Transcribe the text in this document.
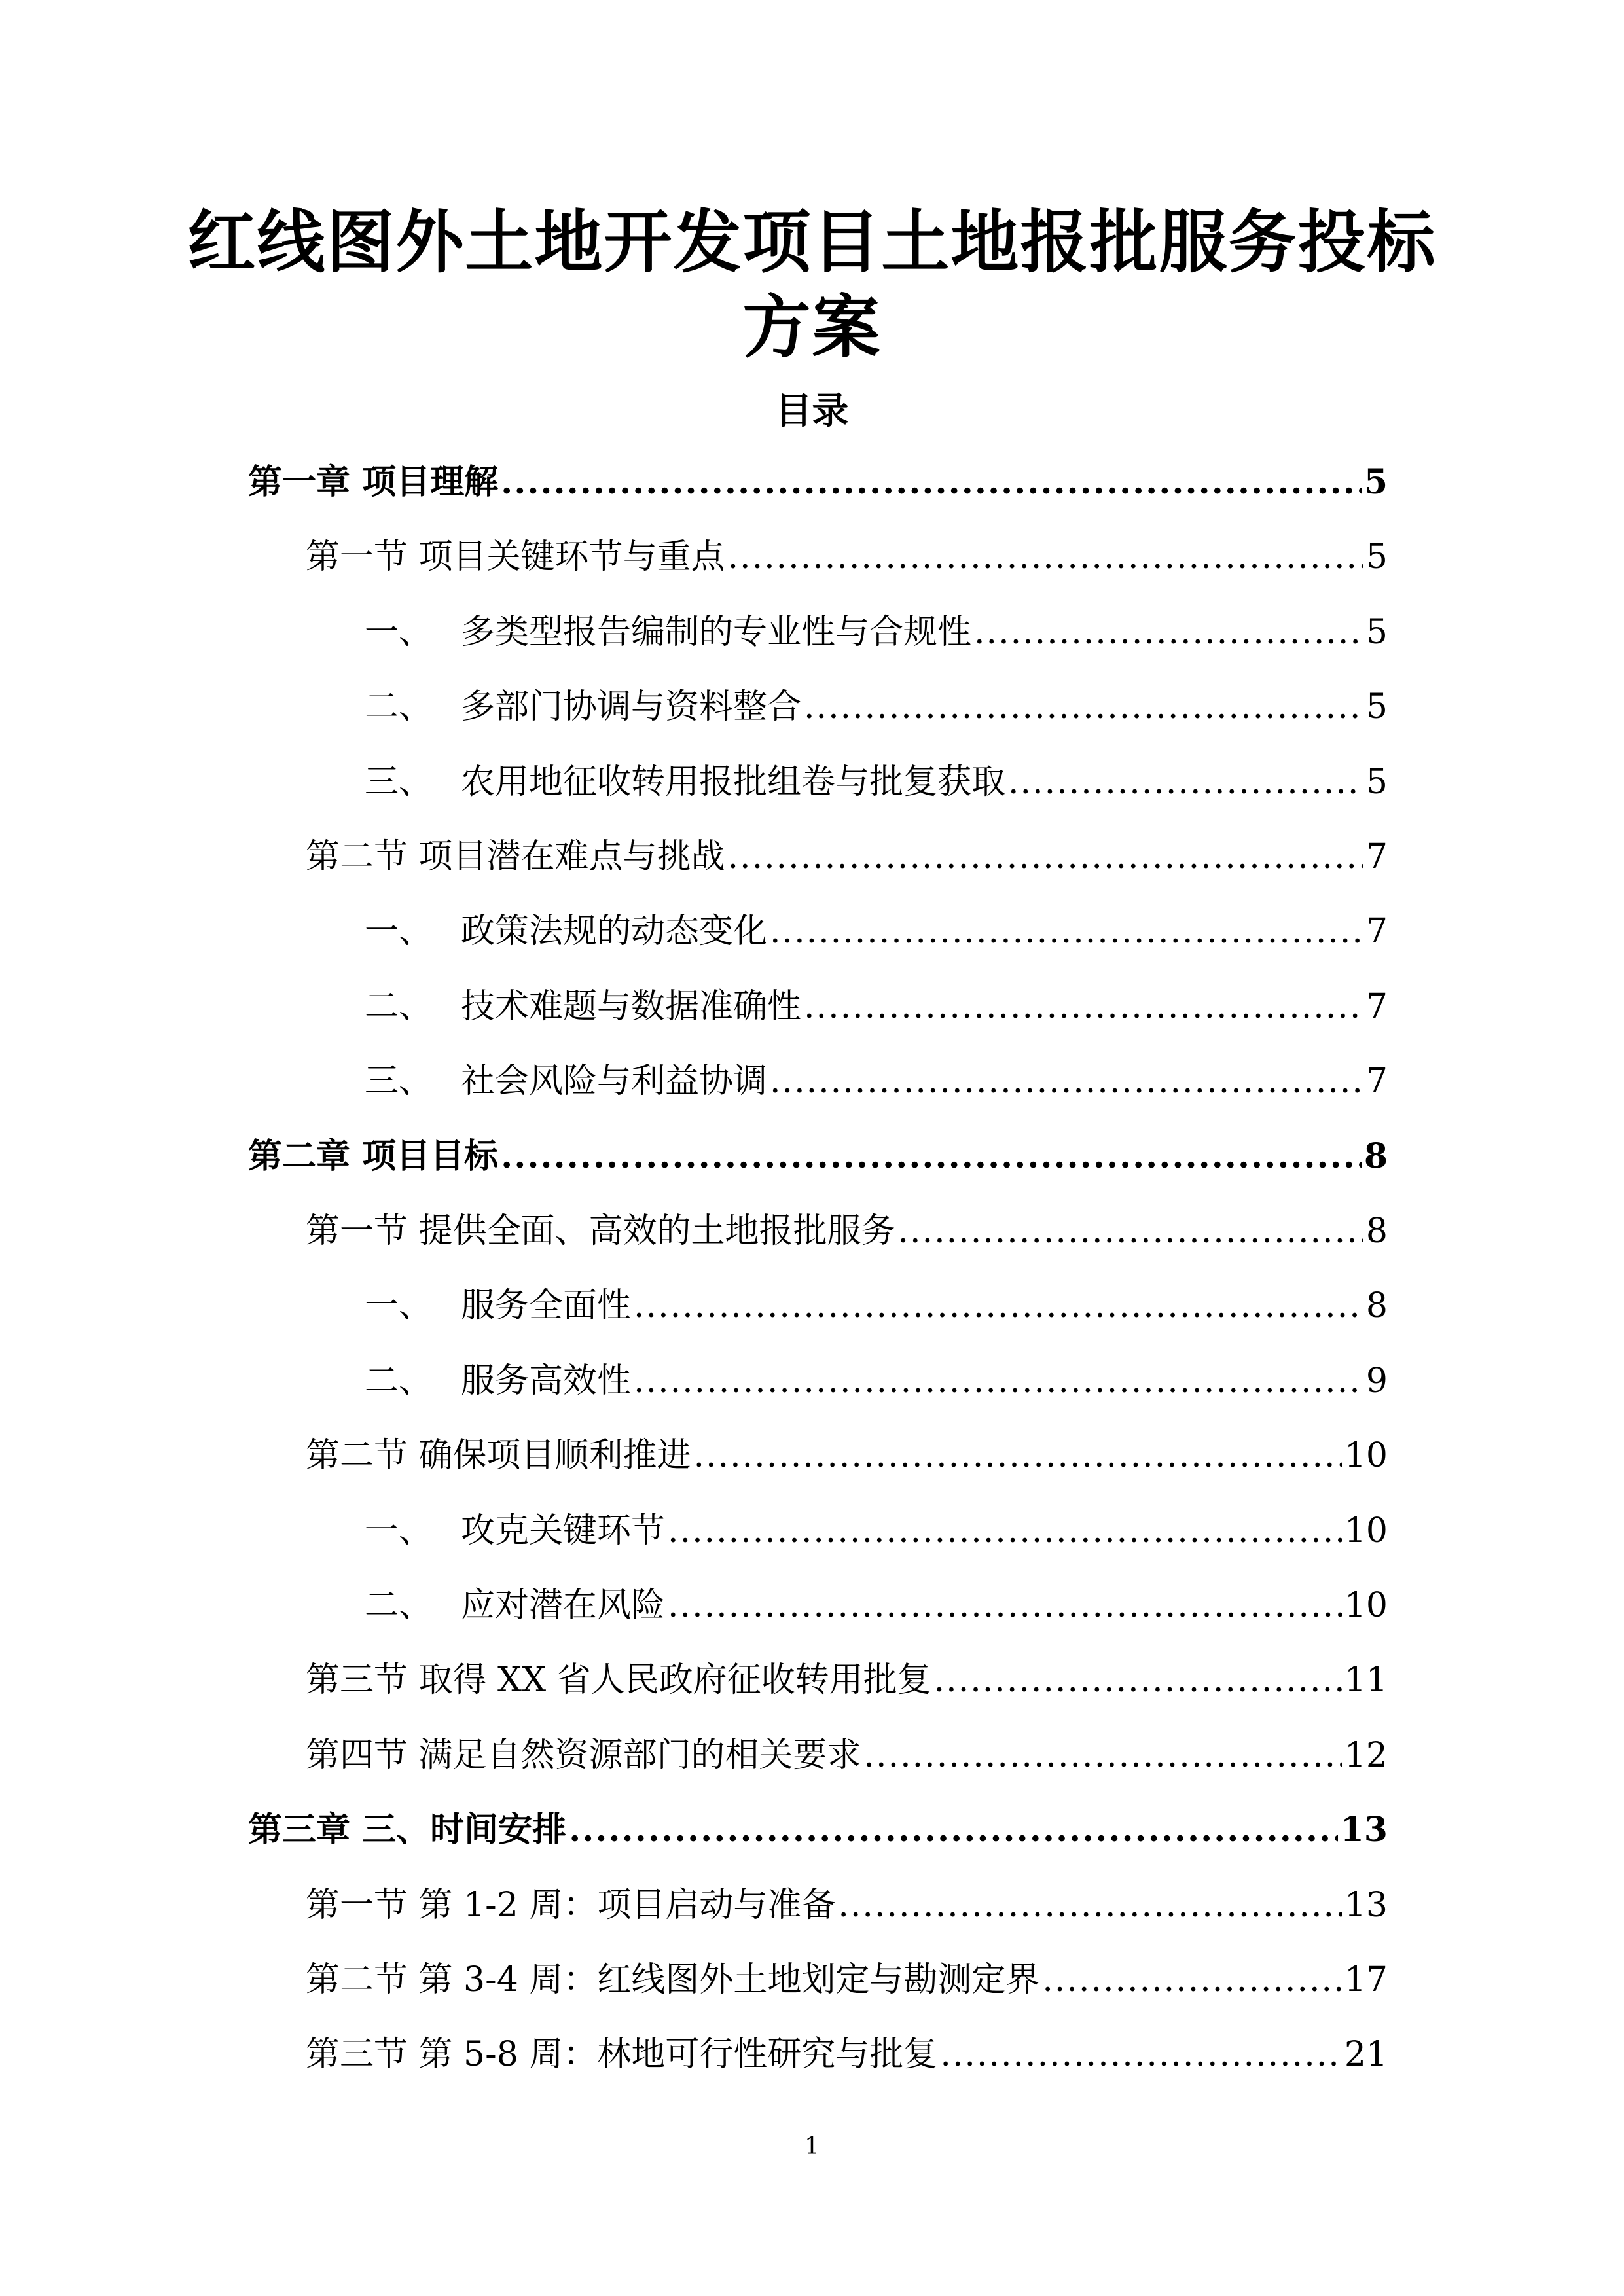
红线图外土地开发项目土地报批服务投标
方案
目录
第一章 项目理解 .....	5
第一节 项目关键环节与重点 .....	5
一、 多类型报告编制的专业性与合规性 .....	5
二、 多部门协调与资料整合 .....	5
三、 农用地征收转用报批组卷与批复获取 .....	5
第二节 项目潜在难点与挑战 .....	7
一、 政策法规的动态变化 .....	7
二、 技术难题与数据准确性 .....	7
三、 社会风险与利益协调 .....	7
第二章 项目目标 .....	8
第一节 提供全面、高效的土地报批服务 .....	8
一、 服务全面性 .....	8
二、 服务高效性 .....	9
第二节 确保项目顺利推进 .....	10
一、 攻克关键环节 .....	10
二、 应对潜在风险 .....	10
第三节 取得 XX 省人民政府征收转用批复 .....	11
第四节 满足自然资源部门的相关要求 .....	12
第三章 三、时间安排 .....	13
第一节 第 1-2 周：项目启动与准备 .....	13
第二节 第 3-4 周：红线图外土地划定与勘测定界 .....	17
第三节 第 5-8 周：林地可行性研究与批复 .....	21
1
